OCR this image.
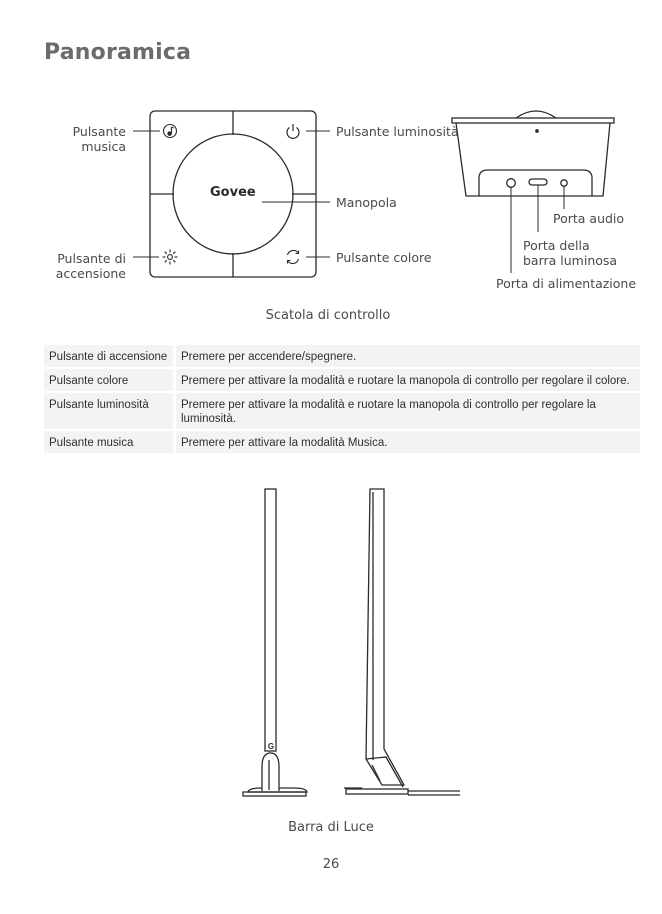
Panoramica
Pulsante musica
Pulsante luminosità
Manopola
Pulsante di accensione
Pulsante colore
Govee
Porta audio
Porta della barra luminosa
Porta di alimentazione
Scatola di controllo
Pulsante di accensione	Premere per accendere/spegnere.
Pulsante colore	Premere per attivare la modalità e ruotare la manopola di controllo per regolare il colore.
Pulsante luminosità	Premere per attivare la modalità e ruotare la manopola di controllo per regolare la luminosità.
Pulsante musica	Premere per attivare la modalità Musica.
G
Barra di Luce
26
